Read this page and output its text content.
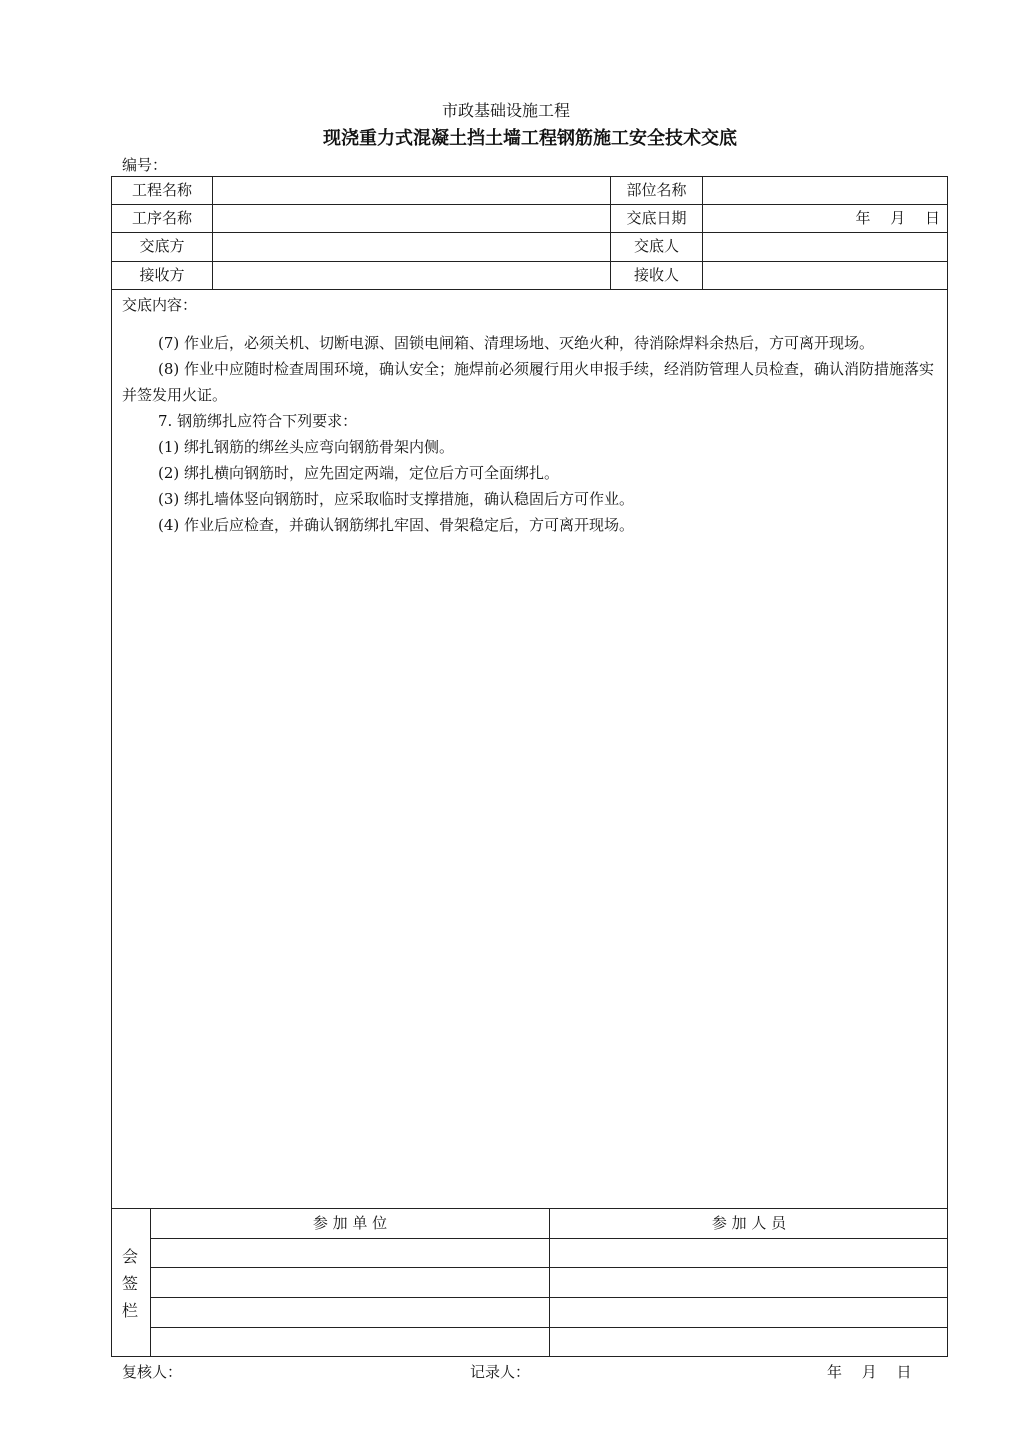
市政基础设施工程
现浇重力式混凝土挡土墙工程钢筋施工安全技术交底
编号：
工程名称	部位名称
工序名称	交底日期	年　 月　 日
交底方	交底人
接收方	接收人
交底内容：

(7) 作业后，必须关机、切断电源、固锁电闸箱、清理场地、灭绝火种，待消除焊料余热后，方可离开现场。

(8) 作业中应随时检查周围环境，确认安全；施焊前必须履行用火申报手续，经消防管理人员检查，确认消防措施落实并签发用火证。

7. 钢筋绑扎应符合下列要求：

(1) 绑扎钢筋的绑丝头应弯向钢筋骨架内侧。

(2) 绑扎横向钢筋时，应先固定两端，定位后方可全面绑扎。

(3) 绑扎墙体竖向钢筋时，应采取临时支撑措施，确认稳固后方可作业。

(4) 作业后应检查，并确认钢筋绑扎牢固、骨架稳定后，方可离开现场。

会
签
栏
参 加 单 位	参 加 人 员
复核人：	记录人：	年　 月　 日
